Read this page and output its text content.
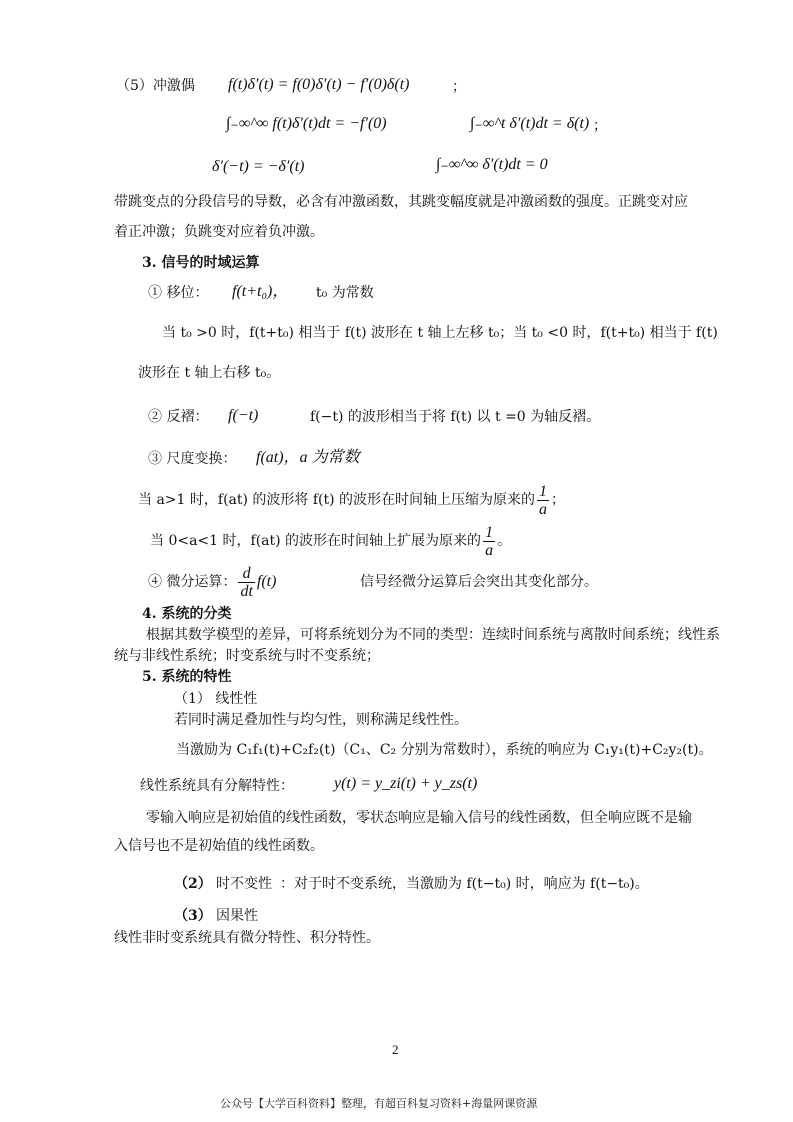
（5）冲激偶 f(t)δ′(t) = f(0)δ′(t) − f′(0)δ(t)	；
∫₋∞^∞ f(t)δ′(t)dt = −f′(0)	∫₋∞^t δ′(t)dt = δ(t) ；
δ′(−t) = −δ′(t)	∫₋∞^∞ δ′(t)dt = 0
带跳变点的分段信号的导数，必含有冲激函数，其跳变幅度就是冲激函数的强度。正跳变对应
着正冲激；负跳变对应着负冲激。
3. 信号的时域运算
① 移位： f(t+t₀)， t₀ 为常数
当 t₀ >0 时，f(t+t₀) 相当于 f(t) 波形在 t 轴上左移 t₀；当 t₀ <0 时，f(t+t₀) 相当于 f(t)
波形在 t 轴上右移 t₀。
② 反褶： f(−t)	f(−t) 的波形相当于将 f(t) 以 t =0 为轴反褶。
③ 尺度变换： f(at)，a 为常数
当 a>1 时，f(at) 的波形将 f(t) 的波形在时间轴上压缩为原来的 $\frac{1}{a}$ ；
当 0<a<1 时，f(at) 的波形在时间轴上扩展为原来的 $\frac{1}{a}$ 。
④ 微分运算： $\frac{d}{dt} f(t)$	信号经微分运算后会突出其变化部分。
4. 系统的分类
根据其数学模型的差异，可将系统划分为不同的类型：连续时间系统与离散时间系统；线性系
统与非线性系统；时变系统与时不变系统；
5. 系统的特性
（1） 线性性
若同时满足叠加性与均匀性，则称满足线性性。
当激励为 C₁f₁(t)+C₂f₂(t)（C₁、C₂ 分别为常数时），系统的响应为 C₁y₁(t)+C₂y₂(t)。
线性系统具有分解特性：	y(t) = y_zi(t) + y_zs(t)
零输入响应是初始值的线性函数，零状态响应是输入信号的线性函数，但全响应既不是输
入信号也不是初始值的线性函数。
（2） 时不变性 ：对于时不变系统，当激励为 f(t−t₀) 时，响应为 f(t−t₀)。
（3） 因果性
线性非时变系统具有微分特性、积分特性。
2
公众号【大学百科资料】整理，有超百科复习资料+海量网课资源
